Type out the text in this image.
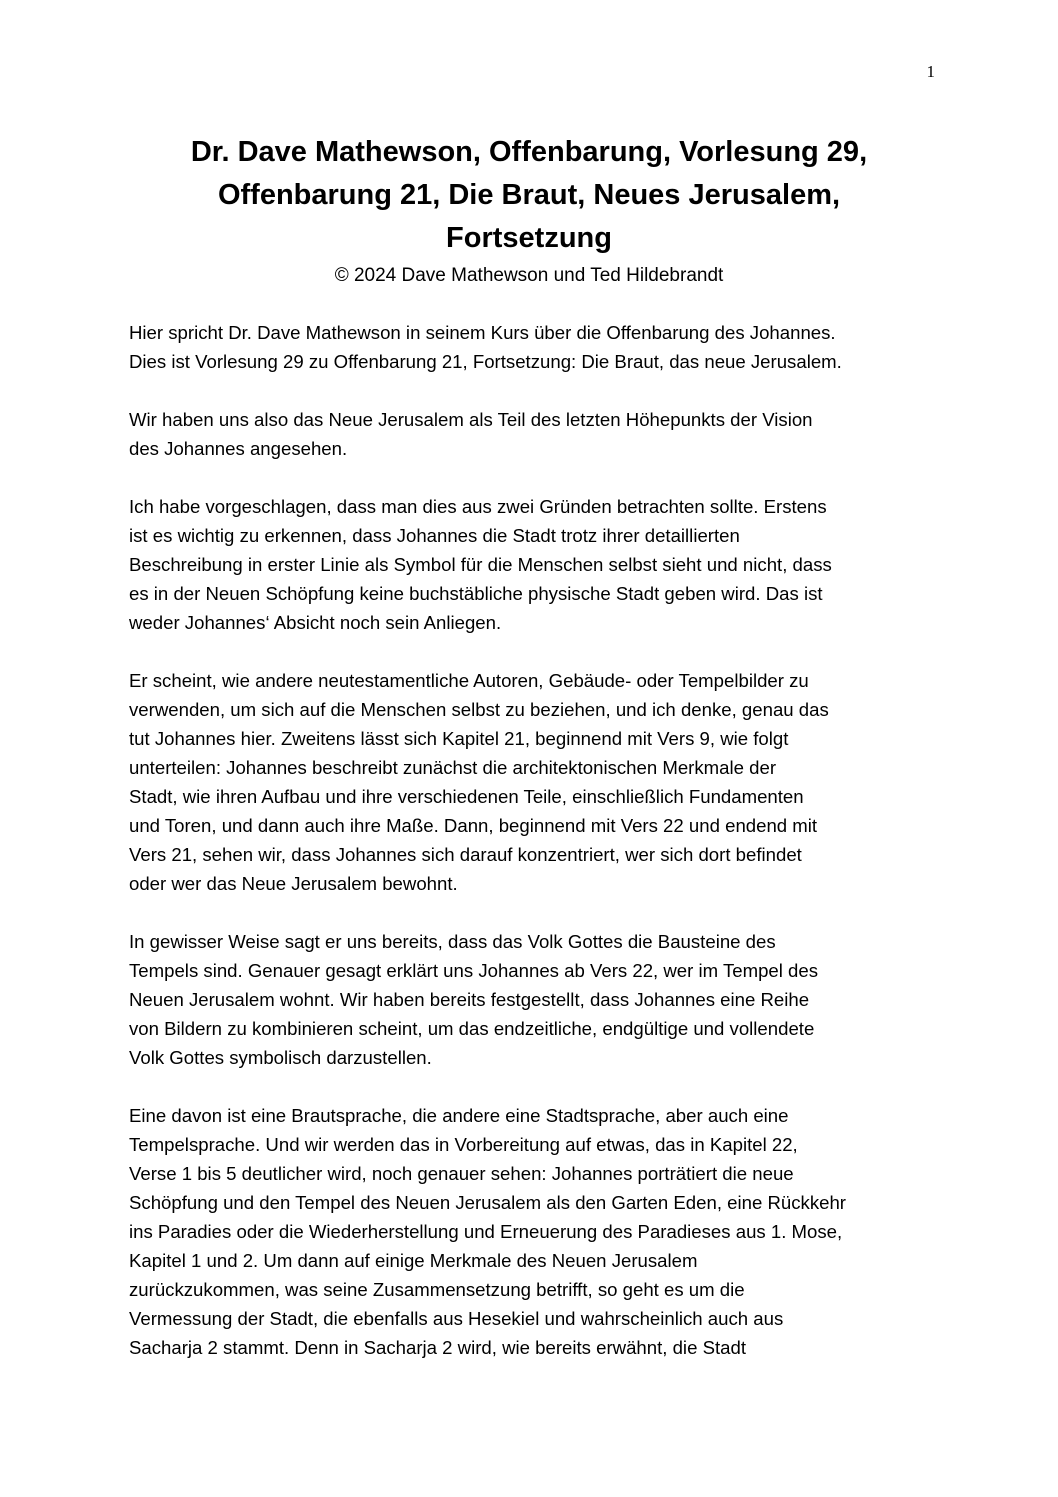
1
Dr. Dave Mathewson, Offenbarung, Vorlesung 29,
Offenbarung 21, Die Braut, Neues Jerusalem,
Fortsetzung
© 2024 Dave Mathewson und Ted Hildebrandt

Hier spricht Dr. Dave Mathewson in seinem Kurs über die Offenbarung des Johannes.
Dies ist Vorlesung 29 zu Offenbarung 21, Fortsetzung: Die Braut, das neue Jerusalem.

Wir haben uns also das Neue Jerusalem als Teil des letzten Höhepunkts der Vision
des Johannes angesehen.

Ich habe vorgeschlagen, dass man dies aus zwei Gründen betrachten sollte. Erstens
ist es wichtig zu erkennen, dass Johannes die Stadt trotz ihrer detaillierten
Beschreibung in erster Linie als Symbol für die Menschen selbst sieht und nicht, dass
es in der Neuen Schöpfung keine buchstäbliche physische Stadt geben wird. Das ist
weder Johannes‘ Absicht noch sein Anliegen.

Er scheint, wie andere neutestamentliche Autoren, Gebäude- oder Tempelbilder zu
verwenden, um sich auf die Menschen selbst zu beziehen, und ich denke, genau das
tut Johannes hier. Zweitens lässt sich Kapitel 21, beginnend mit Vers 9, wie folgt
unterteilen: Johannes beschreibt zunächst die architektonischen Merkmale der
Stadt, wie ihren Aufbau und ihre verschiedenen Teile, einschließlich Fundamenten
und Toren, und dann auch ihre Maße. Dann, beginnend mit Vers 22 und endend mit
Vers 21, sehen wir, dass Johannes sich darauf konzentriert, wer sich dort befindet
oder wer das Neue Jerusalem bewohnt.

In gewisser Weise sagt er uns bereits, dass das Volk Gottes die Bausteine des
Tempels sind. Genauer gesagt erklärt uns Johannes ab Vers 22, wer im Tempel des
Neuen Jerusalem wohnt. Wir haben bereits festgestellt, dass Johannes eine Reihe
von Bildern zu kombinieren scheint, um das endzeitliche, endgültige und vollendete
Volk Gottes symbolisch darzustellen.

Eine davon ist eine Brautsprache, die andere eine Stadtsprache, aber auch eine
Tempelsprache. Und wir werden das in Vorbereitung auf etwas, das in Kapitel 22,
Verse 1 bis 5 deutlicher wird, noch genauer sehen: Johannes porträtiert die neue
Schöpfung und den Tempel des Neuen Jerusalem als den Garten Eden, eine Rückkehr
ins Paradies oder die Wiederherstellung und Erneuerung des Paradieses aus 1. Mose,
Kapitel 1 und 2. Um dann auf einige Merkmale des Neuen Jerusalem
zurückzukommen, was seine Zusammensetzung betrifft, so geht es um die
Vermessung der Stadt, die ebenfalls aus Hesekiel und wahrscheinlich auch aus
Sacharja 2 stammt. Denn in Sacharja 2 wird, wie bereits erwähnt, die Stadt
